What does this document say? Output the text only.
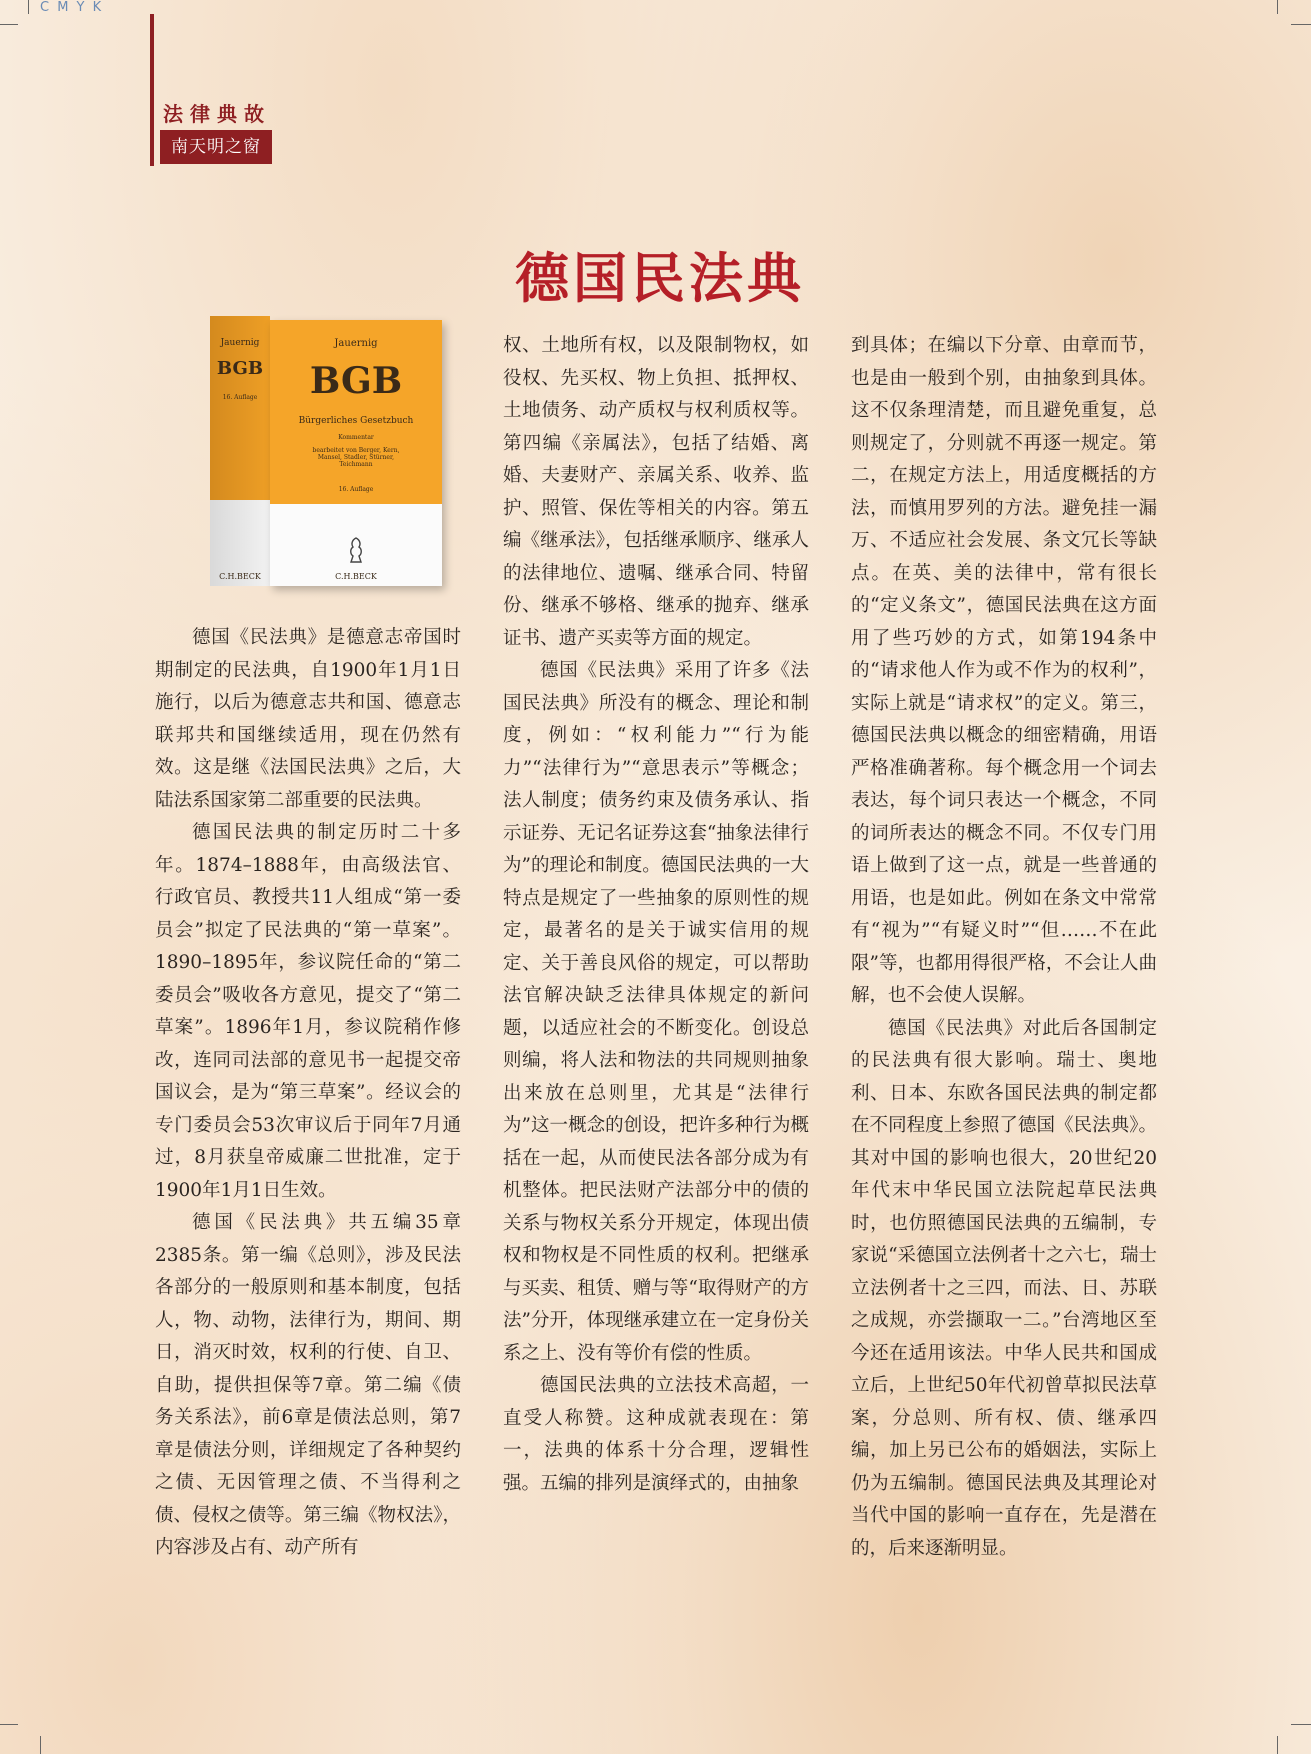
C M Y K
法律典故
南天明之窗
德国民法典
Jauernig
BGB
16. Auflage
Jauernig
BGB
Bürgerliches Gesetzbuch
Kommentar
bearbeitet von Berger, Kern, Mansel, Stadler, Stürner, Teichmann
16. Auflage
C.H.BECK	C.H.BECK

德国《民法典》是德意志帝国时期制定的民法典，自1900年1月1日施行，以后为德意志共和国、德意志联邦共和国继续适用，现在仍然有效。这是继《法国民法典》之后，大陆法系国家第二部重要的民法典。

德国民法典的制定历时二十多年。1874–1888年，由高级法官、行政官员、教授共11人组成“第一委员会”拟定了民法典的“第一草案”。1890–1895年，参议院任命的“第二委员会”吸收各方意见，提交了“第二草案”。1896年1月，参议院稍作修改，连同司法部的意见书一起提交帝国议会，是为“第三草案”。经议会的专门委员会53次审议后于同年7月通过，8月获皇帝威廉二世批准，定于1900年1月1日生效。

德国《民法典》共五编35章2385条。第一编《总则》，涉及民法各部分的一般原则和基本制度，包括人，物、动物，法律行为，期间、期日，消灭时效，权利的行使、自卫、自助，提供担保等7章。第二编《债务关系法》，前6章是债法总则，第7章是债法分则，详细规定了各种契约之债、无因管理之债、不当得利之债、侵权之债等。第三编《物权法》，内容涉及占有、动产所有

权、土地所有权，以及限制物权，如役权、先买权、物上负担、抵押权、土地债务、动产质权与权利质权等。第四编《亲属法》，包括了结婚、离婚、夫妻财产、亲属关系、收养、监护、照管、保佐等相关的内容。第五编《继承法》，包括继承顺序、继承人的法律地位、遗嘱、继承合同、特留份、继承不够格、继承的抛弃、继承证书、遗产买卖等方面的规定。

德国《民法典》采用了许多《法国民法典》所没有的概念、理论和制度，例如：“权利能力”“行为能力”“法律行为”“意思表示”等概念；法人制度；债务约束及债务承认、指示证券、无记名证券这套“抽象法律行为”的理论和制度。德国民法典的一大特点是规定了一些抽象的原则性的规定，最著名的是关于诚实信用的规定、关于善良风俗的规定，可以帮助法官解决缺乏法律具体规定的新问题，以适应社会的不断变化。创设总则编，将人法和物法的共同规则抽象出来放在总则里，尤其是“法律行为”这一概念的创设，把许多种行为概括在一起，从而使民法各部分成为有机整体。把民法财产法部分中的债的关系与物权关系分开规定，体现出债权和物权是不同性质的权利。把继承与买卖、租赁、赠与等“取得财产的方法”分开，体现继承建立在一定身份关系之上、没有等价有偿的性质。

德国民法典的立法技术高超，一直受人称赞。这种成就表现在：第一，法典的体系十分合理，逻辑性强。五编的排列是演绎式的，由抽象

到具体；在编以下分章、由章而节，也是由一般到个别，由抽象到具体。这不仅条理清楚，而且避免重复，总则规定了，分则就不再逐一规定。第二，在规定方法上，用适度概括的方法，而慎用罗列的方法。避免挂一漏万、不适应社会发展、条文冗长等缺点。在英、美的法律中，常有很长的“定义条文”，德国民法典在这方面用了些巧妙的方式，如第194条中的“请求他人作为或不作为的权利”，实际上就是“请求权”的定义。第三，德国民法典以概念的细密精确，用语严格准确著称。每个概念用一个词去表达，每个词只表达一个概念，不同的词所表达的概念不同。不仅专门用语上做到了这一点，就是一些普通的用语，也是如此。例如在条文中常常有“视为”“有疑义时”“但……不在此限”等，也都用得很严格，不会让人曲解，也不会使人误解。

德国《民法典》对此后各国制定的民法典有很大影响。瑞士、奥地利、日本、东欧各国民法典的制定都在不同程度上参照了德国《民法典》。其对中国的影响也很大，20世纪20年代末中华民国立法院起草民法典时，也仿照德国民法典的五编制，专家说“采德国立法例者十之六七，瑞士立法例者十之三四，而法、日、苏联之成规，亦尝撷取一二。”台湾地区至今还在适用该法。中华人民共和国成立后，上世纪50年代初曾草拟民法草案，分总则、所有权、债、继承四编，加上另已公布的婚姻法，实际上仍为五编制。德国民法典及其理论对当代中国的影响一直存在，先是潜在的，后来逐渐明显。
